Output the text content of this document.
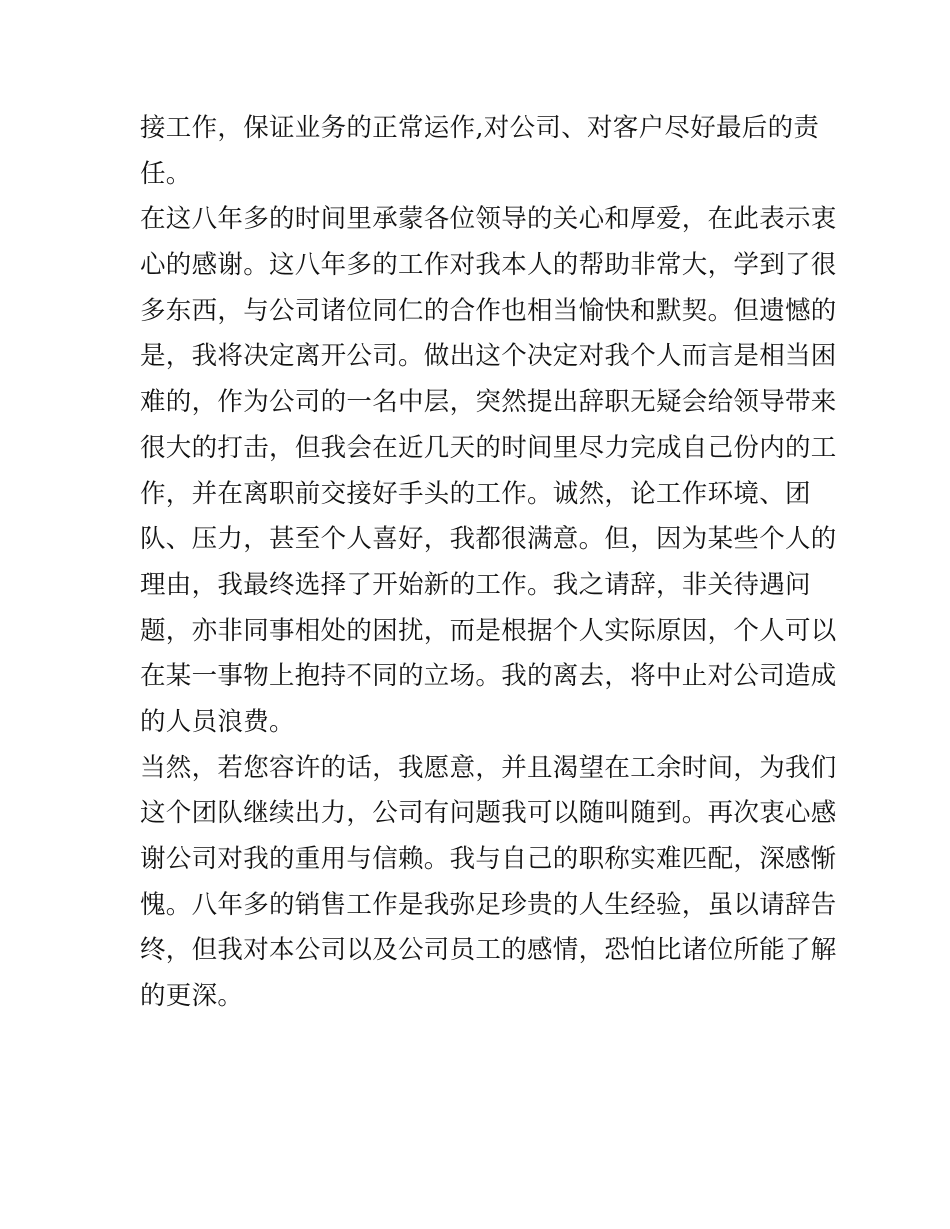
接工作，保证业务的正常运作,对公司、对客户尽好最后的责
任。
在这八年多的时间里承蒙各位领导的关心和厚爱，在此表示衷
心的感谢。这八年多的工作对我本人的帮助非常大，学到了很
多东西，与公司诸位同仁的合作也相当愉快和默契。但遗憾的
是，我将决定离开公司。做出这个决定对我个人而言是相当困
难的，作为公司的一名中层，突然提出辞职无疑会给领导带来
很大的打击，但我会在近几天的时间里尽力完成自己份内的工
作，并在离职前交接好手头的工作。诚然，论工作环境、团
队、压力，甚至个人喜好，我都很满意。但，因为某些个人的
理由，我最终选择了开始新的工作。我之请辞，非关待遇问
题，亦非同事相处的困扰，而是根据个人实际原因，个人可以
在某一事物上抱持不同的立场。我的离去，将中止对公司造成
的人员浪费。
当然，若您容许的话，我愿意，并且渴望在工余时间，为我们
这个团队继续出力，公司有问题我可以随叫随到。再次衷心感
谢公司对我的重用与信赖。我与自己的职称实难匹配，深感惭
愧。八年多的销售工作是我弥足珍贵的人生经验，虽以请辞告
终，但我对本公司以及公司员工的感情，恐怕比诸位所能了解
的更深。
